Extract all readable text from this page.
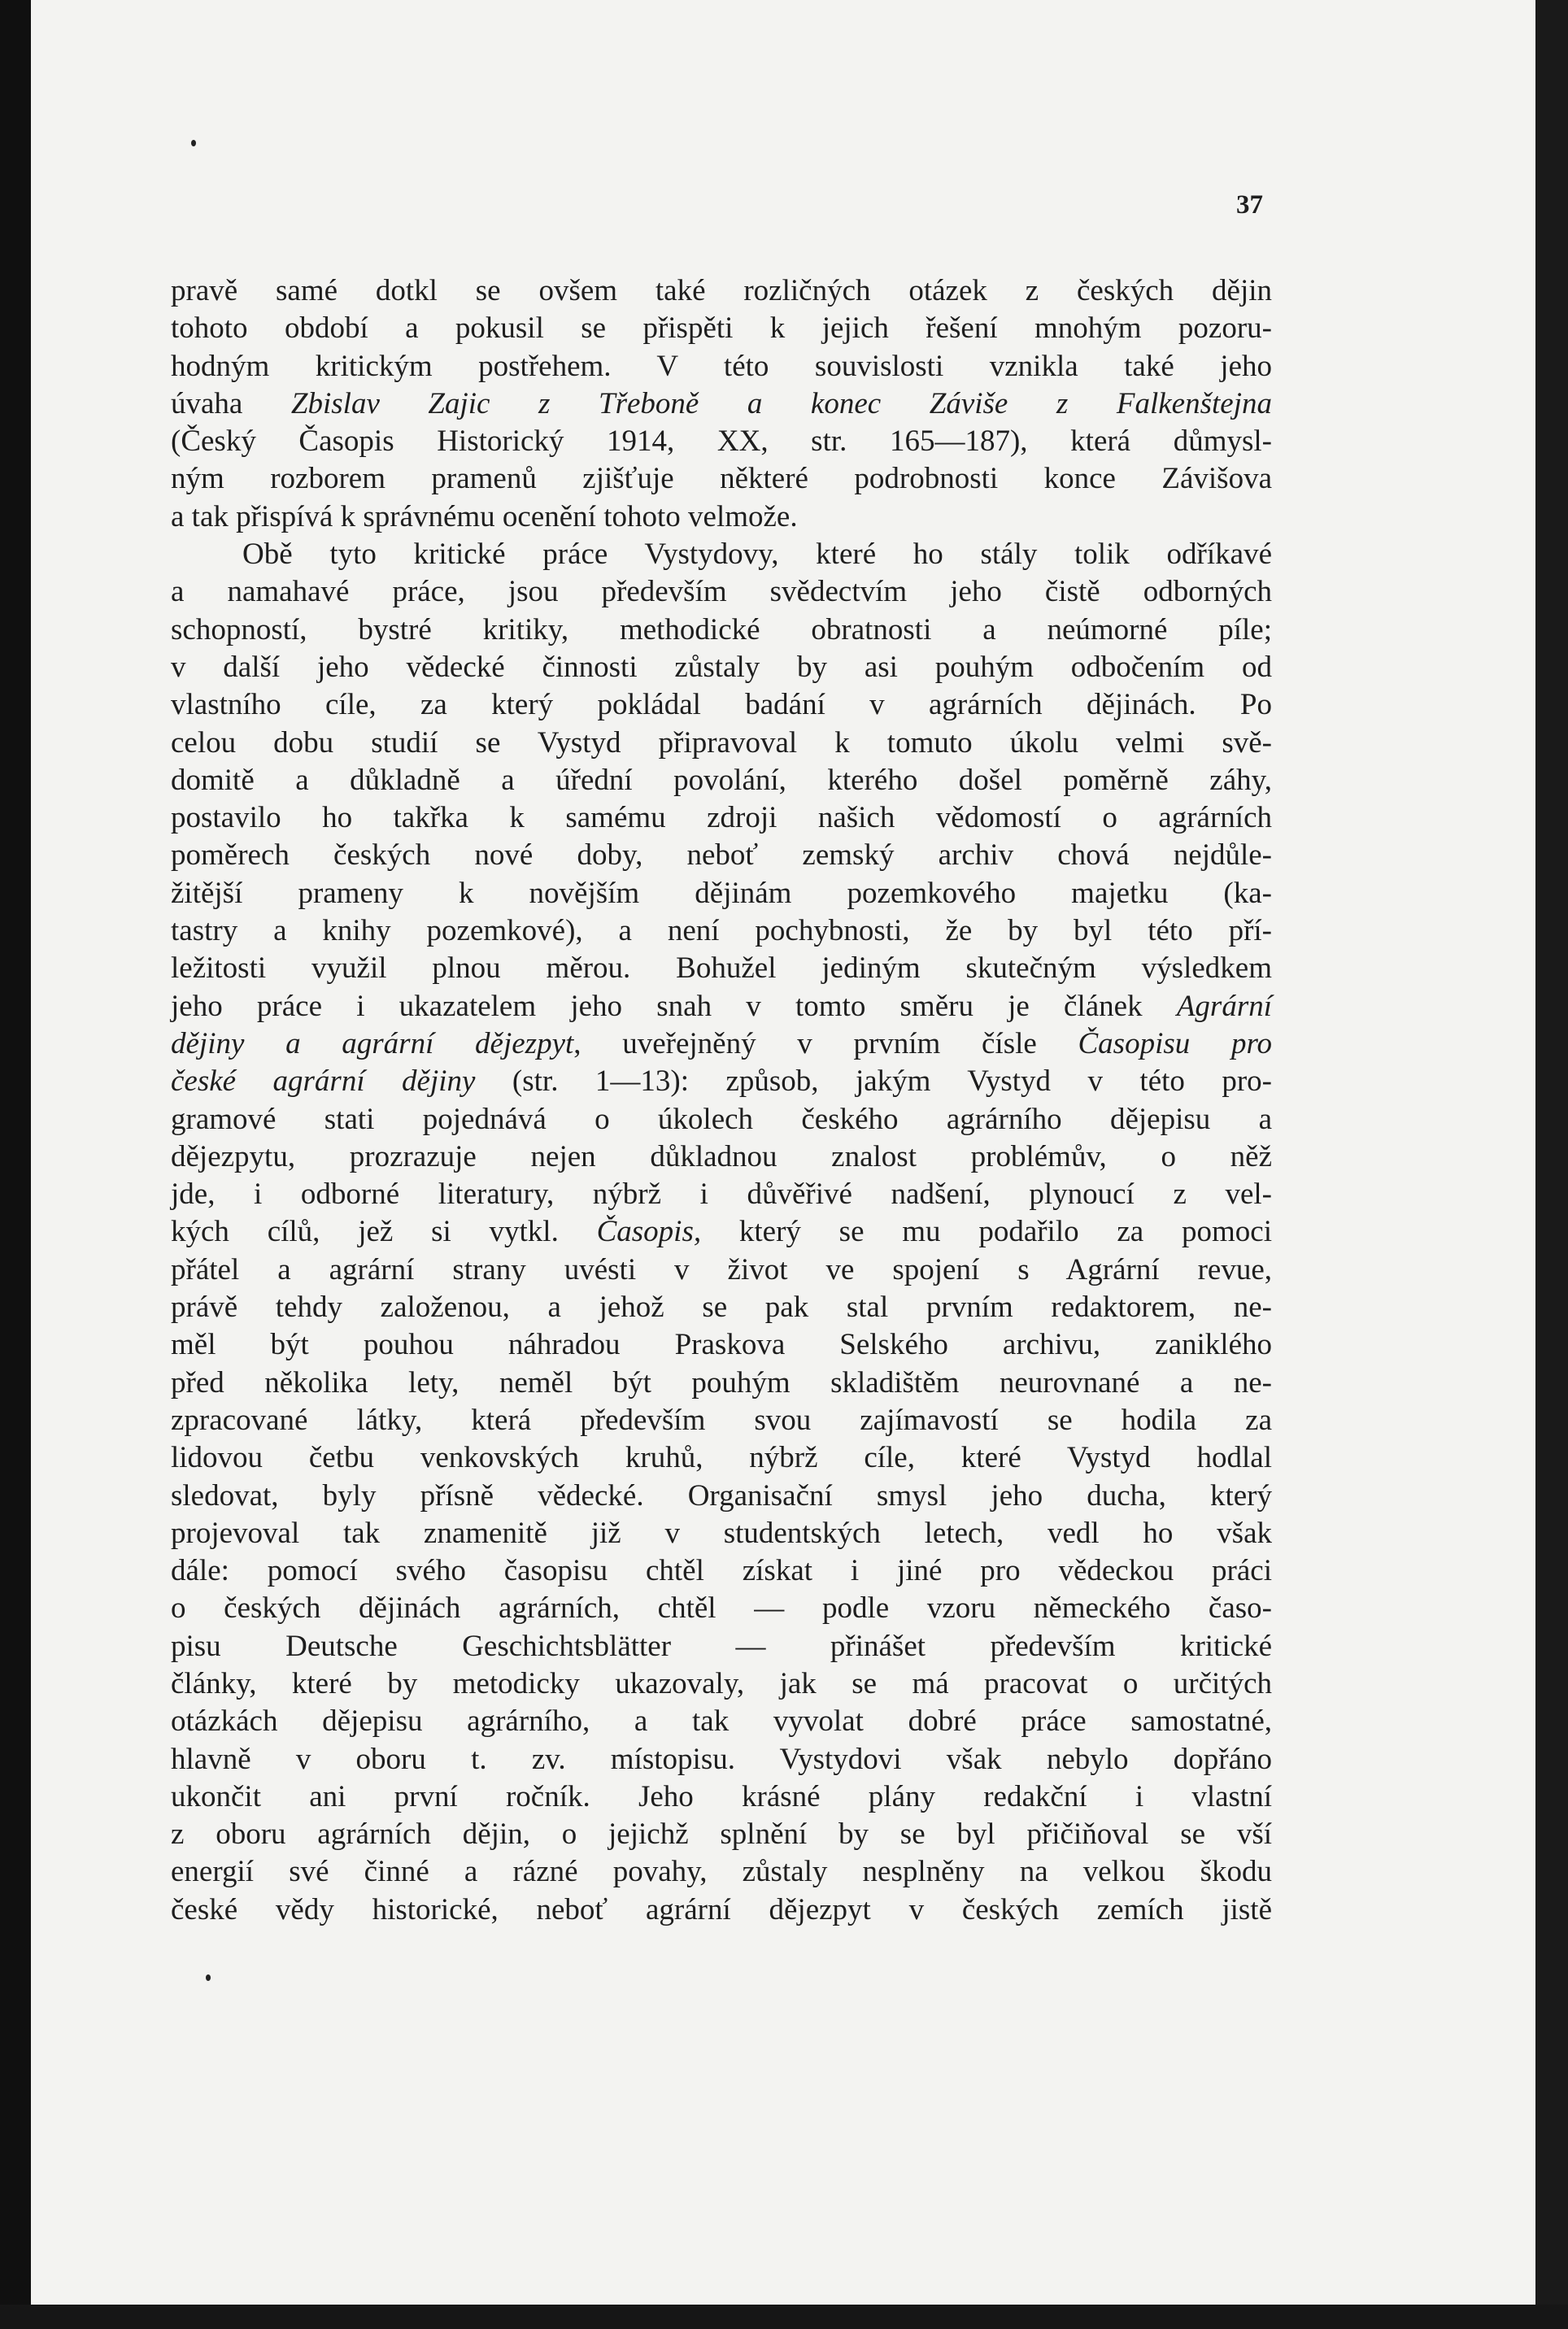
37
pravě samé dotkl se ovšem také rozličných otázek z českých dějin
tohoto období a pokusil se přispěti k jejich řešení mnohým pozoru-
hodným kritickým postřehem. V této souvislosti vznikla také jeho
úvaha Zbislav Zajic z Třeboně a konec Záviše z Falkenštejna
(Český Časopis Historický 1914, XX, str. 165—187), která důmysl-
ným rozborem pramenů zjišťuje některé podrobnosti konce Závišova
a tak přispívá k správnému ocenění tohoto velmože.
Obě tyto kritické práce Vystydovy, které ho stály tolik odříkavé
a namahavé práce, jsou především svědectvím jeho čistě odborných
schopností, bystré kritiky, methodické obratnosti a neúmorné píle;
v další jeho vědecké činnosti zůstaly by asi pouhým odbočením od
vlastního cíle, za který pokládal badání v agrárních dějinách. Po
celou dobu studií se Vystyd připravoval k tomuto úkolu velmi svě-
domitě a důkladně a úřední povolání, kterého došel poměrně záhy,
postavilo ho takřka k samému zdroji našich vědomostí o agrárních
poměrech českých nové doby, neboť zemský archiv chová nejdůle-
žitější prameny k novějším dějinám pozemkového majetku (ka-
tastry a knihy pozemkové), a není pochybnosti, že by byl této pří-
ležitosti využil plnou měrou. Bohužel jediným skutečným výsledkem
jeho práce i ukazatelem jeho snah v tomto směru je článek Agrární
dějiny a agrární dějezpyt, uveřejněný v prvním čísle Časopisu pro
české agrární dějiny (str. 1—13): způsob, jakým Vystyd v této pro-
gramové stati pojednává o úkolech českého agrárního dějepisu a
dějezpytu, prozrazuje nejen důkladnou znalost problémův, o něž
jde, i odborné literatury, nýbrž i důvěřivé nadšení, plynoucí z vel-
kých cílů, jež si vytkl. Časopis, který se mu podařilo za pomoci
přátel a agrární strany uvésti v život ve spojení s Agrární revue,
právě tehdy založenou, a jehož se pak stal prvním redaktorem, ne-
měl být pouhou náhradou Praskova Selského archivu, zaniklého
před několika lety, neměl být pouhým skladištěm neurovnané a ne-
zpracované látky, která především svou zajímavostí se hodila za
lidovou četbu venkovských kruhů, nýbrž cíle, které Vystyd hodlal
sledovat, byly přísně vědecké. Organisační smysl jeho ducha, který
projevoval tak znamenitě již v studentských letech, vedl ho však
dále: pomocí svého časopisu chtěl získat i jiné pro vědeckou práci
o českých dějinách agrárních, chtěl — podle vzoru německého časo-
pisu Deutsche Geschichtsblätter — přinášet především kritické
články, které by metodicky ukazovaly, jak se má pracovat o určitých
otázkách dějepisu agrárního, a tak vyvolat dobré práce samostatné,
hlavně v oboru t. zv. místopisu. Vystydovi však nebylo dopřáno
ukončit ani první ročník. Jeho krásné plány redakční i vlastní
z oboru agrárních dějin, o jejichž splnění by se byl přičiňoval se vší
energií své činné a rázné povahy, zůstaly nesplněny na velkou škodu
české vědy historické, neboť agrární dějezpyt v českých zemích jistě
